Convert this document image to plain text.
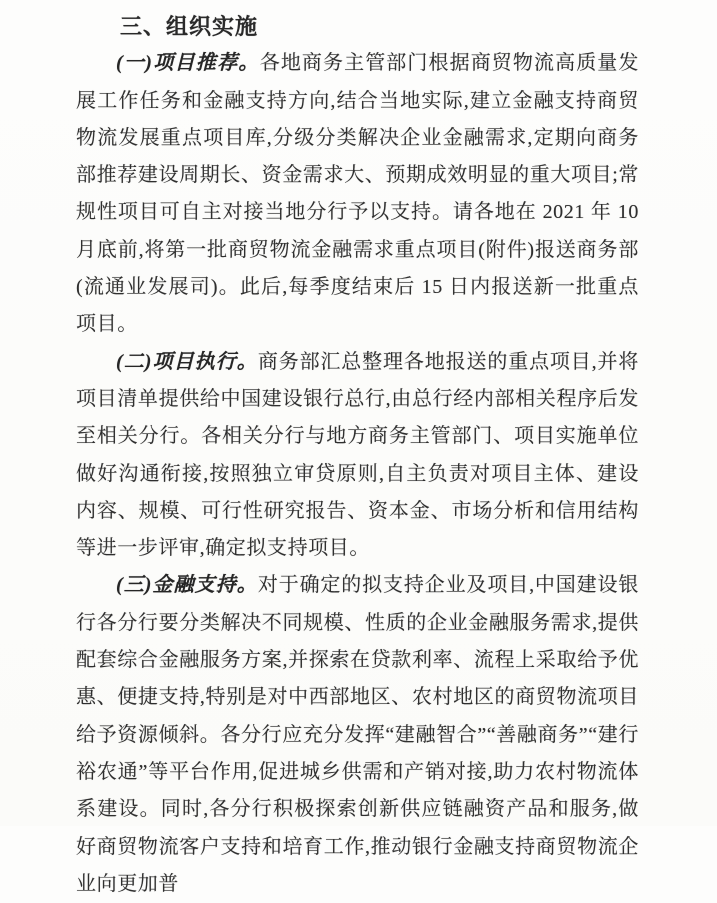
三、组织实施

(一)项目推荐。各地商务主管部门根据商贸物流高质量发展工作任务和金融支持方向,结合当地实际,建立金融支持商贸物流发展重点项目库,分级分类解决企业金融需求,定期向商务部推荐建设周期长、资金需求大、预期成效明显的重大项目;常规性项目可自主对接当地分行予以支持。请各地在 2021 年 10 月底前,将第一批商贸物流金融需求重点项目(附件)报送商务部(流通业发展司)。此后,每季度结束后 15 日内报送新一批重点项目。

(二)项目执行。商务部汇总整理各地报送的重点项目,并将项目清单提供给中国建设银行总行,由总行经内部相关程序后发至相关分行。各相关分行与地方商务主管部门、项目实施单位做好沟通衔接,按照独立审贷原则,自主负责对项目主体、建设内容、规模、可行性研究报告、资本金、市场分析和信用结构等进一步评审,确定拟支持项目。

(三)金融支持。对于确定的拟支持企业及项目,中国建设银行各分行要分类解决不同规模、性质的企业金融服务需求,提供配套综合金融服务方案,并探索在贷款利率、流程上采取给予优惠、便捷支持,特别是对中西部地区、农村地区的商贸物流项目给予资源倾斜。各分行应充分发挥“建融智合”“善融商务”“建行裕农通”等平台作用,促进城乡供需和产销对接,助力农村物流体系建设。同时,各分行积极探索创新供应链融资产品和服务,做好商贸物流客户支持和培育工作,推动银行金融支持商贸物流企业向更加普
